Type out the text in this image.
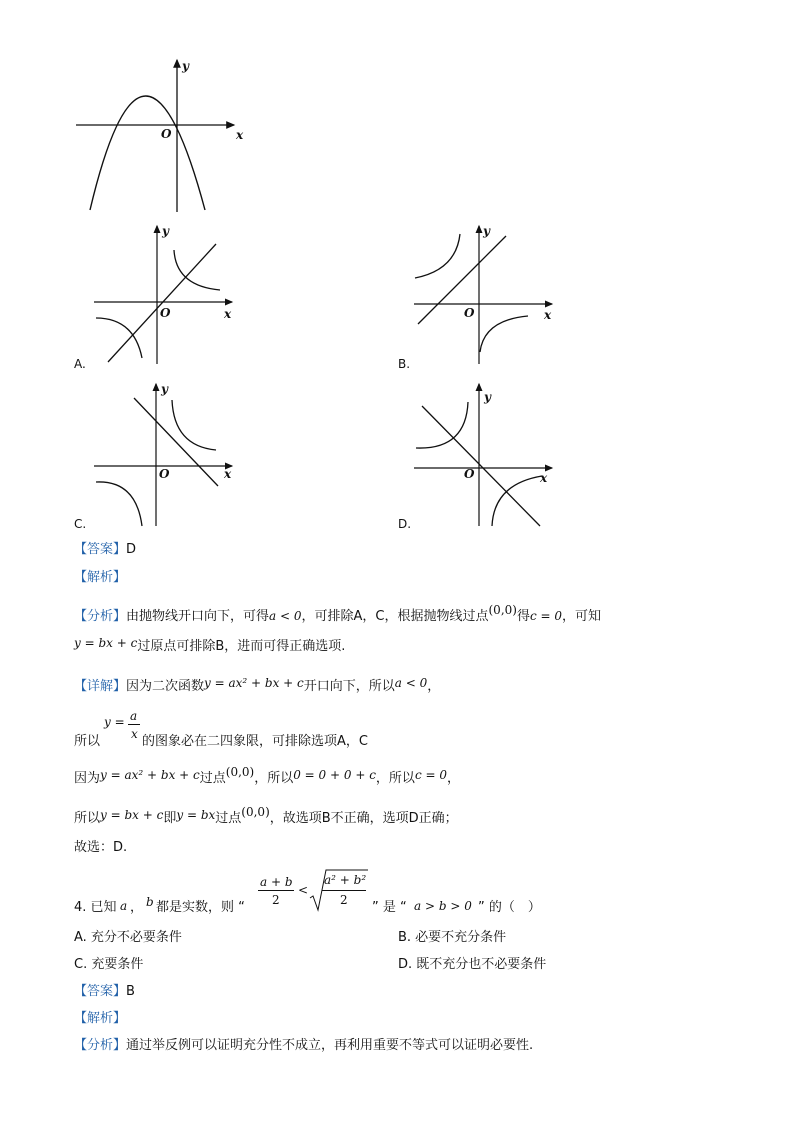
y
x
O
y
x
O
A.
y
x
O
B.
y
x
O
C.
y
x
O
D.
【答案】D
【解析】
【分析】由抛物线开口向下，可得a < 0，可排除A，C，根据抛物线过点(0,0)得c = 0，可知
y = bx + c过原点可排除B，进而可得正确选项.
【详解】因为二次函数y = ax² + bx + c开口向下，所以a < 0，
所以
y = a
x 的图象必在二四象限，可排除选项A，C
因为y = ax² + bx + c过点(0,0)，所以0 = 0 + 0 + c，所以c = 0，
所以y = bx + c即y = bx过点(0,0)，故选项B不正确，选项D正确；
故选：D.
4. 已知 a ， b 都是实数，则 “
a + b
2
<
a² + b²
2 ” 是 “ a > b > 0 ” 的（　）
A. 充分不必要条件	B. 必要不充分条件
C. 充要条件	D. 既不充分也不必要条件
【答案】B
【解析】
【分析】通过举反例可以证明充分性不成立，再利用重要不等式可以证明必要性.
